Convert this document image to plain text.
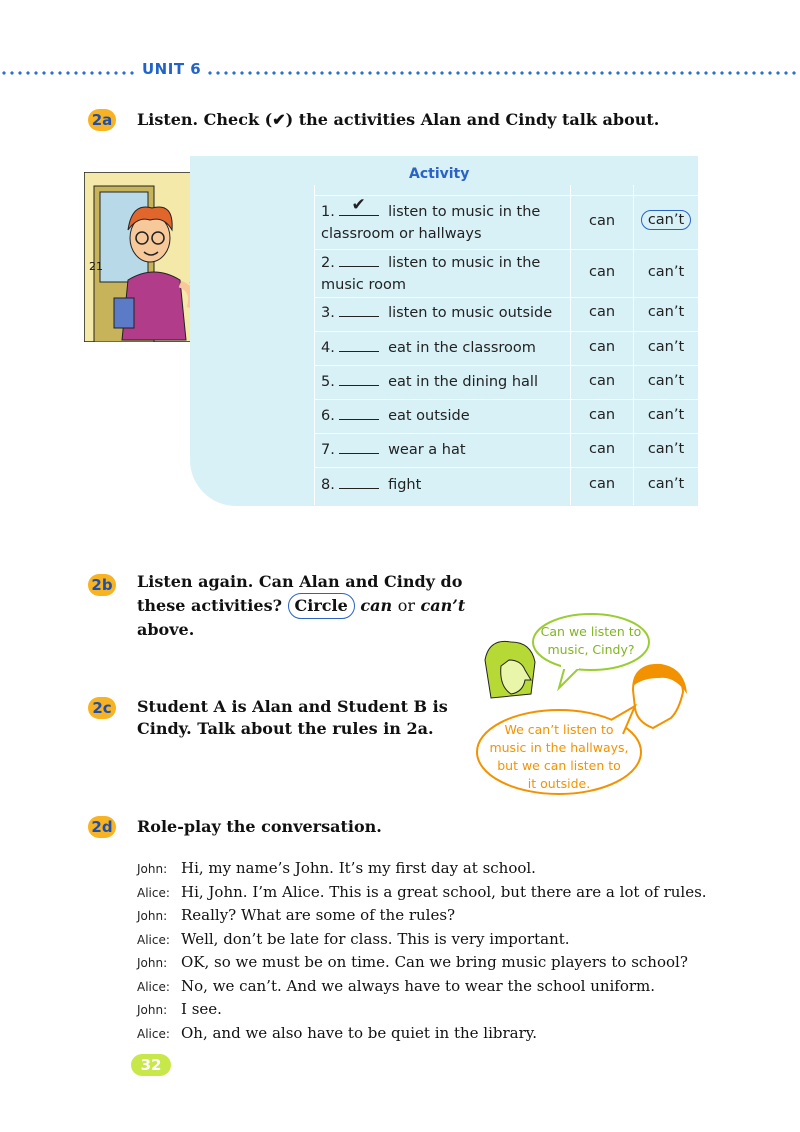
UNIT 6
2a Listen. Check (✔) the activities Alan and Cindy talk about.
21
Activity
1. ✔ listen to music in the
classroom or hallways
can	can’t
2.	listen to music in the
music room
can	can’t
3.	listen to music outside	can	can’t
4.	eat in the classroom	can	can’t
5.	eat in the dining hall	can	can’t
6.	eat outside	can	can’t
7.	wear a hat	can	can’t
8.	fight	can	can’t
2b Listen again. Can Alan and Cindy do
these activities? Circle can or can’t
above.
2c Student A is Alan and Student B is
Cindy. Talk about the rules in 2a.
Can we listen to
music, Cindy?
We can’t listen to
music in the hallways,
but we can listen to
it outside.
2d Role-play the conversation.
John: Hi, my name’s John. It’s my first day at school.
Alice: Hi, John. I’m Alice. This is a great school, but there are a lot of rules.
John: Really? What are some of the rules?
Alice: Well, don’t be late for class. This is very important.
John: OK, so we must be on time. Can we bring music players to school?
Alice: No, we can’t. And we always have to wear the school uniform.
John: I see.
Alice: Oh, and we also have to be quiet in the library.
32
